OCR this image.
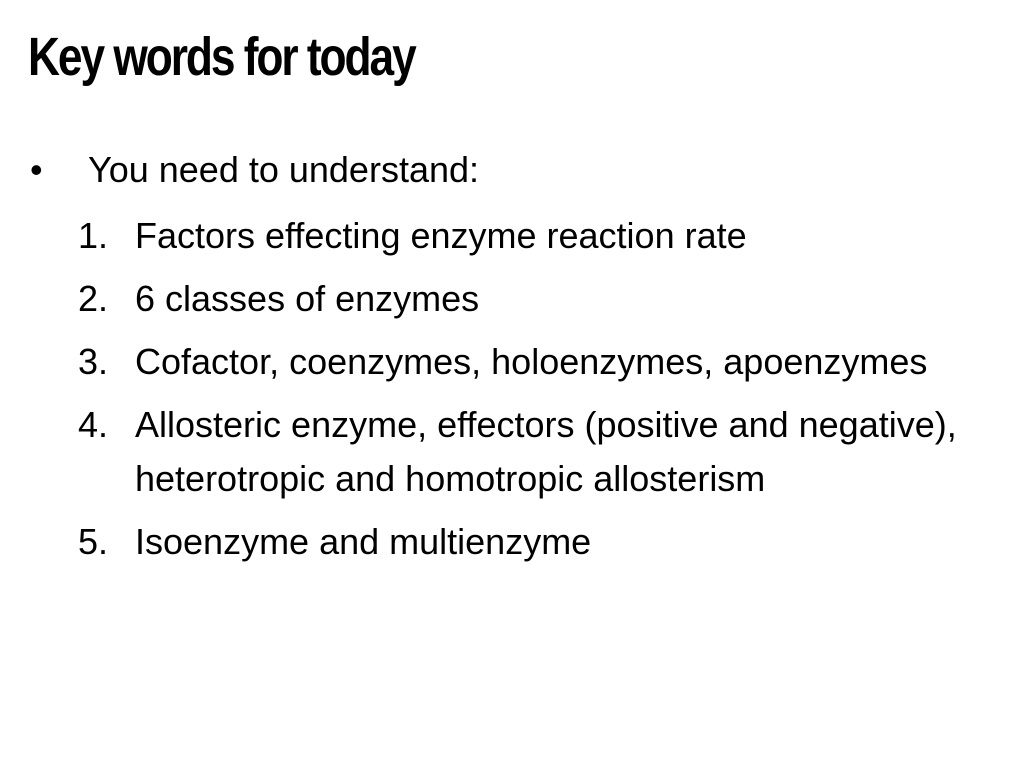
Key words for today
• You need to understand:
1. Factors effecting enzyme reaction rate
2. 6 classes of enzymes
3. Cofactor, coenzymes, holoenzymes, apoenzymes
4. Allosteric enzyme, effectors (positive and negative), heterotropic and homotropic allosterism
5. Isoenzyme and multienzyme
